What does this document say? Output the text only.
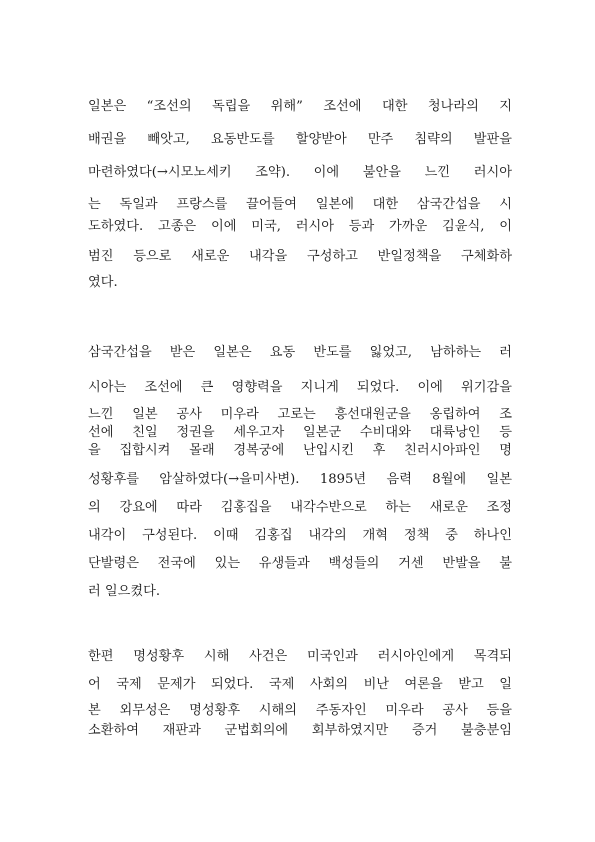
일본은 “조선의 독립을 위해” 조선에 대한 청나라의 지
배권을 빼앗고, 요동반도를 할양받아 만주 침략의 발판을
마련하였다(→시모노세키 조약). 이에 불안을 느낀 러시아
는 독일과 프랑스를 끌어들여 일본에 대한 삼국간섭을 시
도하였다. 고종은 이에 미국, 러시아 등과 가까운 김윤식, 이
범진 등으로 새로운 내각을 구성하고 반일정책을 구체화하
였다.
삼국간섭을 받은 일본은 요동 반도를 잃었고, 남하하는 러
시아는 조선에 큰 영향력을 지니게 되었다. 이에 위기감을
느낀 일본 공사 미우라 고로는 흥선대원군을 옹립하여 조
선에 친일 정권을 세우고자 일본군 수비대와 대륙낭인 등
을 집합시켜 몰래 경복궁에 난입시킨 후 친러시아파인 명
성황후를 암살하였다(→을미사변). 1895년 음력 8월에 일본
의 강요에 따라 김홍집을 내각수반으로 하는 새로운 조정
내각이 구성된다. 이때 김홍집 내각의 개혁 정책 중 하나인
단발령은 전국에 있는 유생들과 백성들의 거센 반발을 불
러 일으켰다.
한편 명성황후 시해 사건은 미국인과 러시아인에게 목격되
어 국제 문제가 되었다. 국제 사회의 비난 여론을 받고 일
본 외무성은 명성황후 시해의 주동자인 미우라 공사 등을
소환하여 재판과 군법회의에 회부하였지만 증거 불충분임
